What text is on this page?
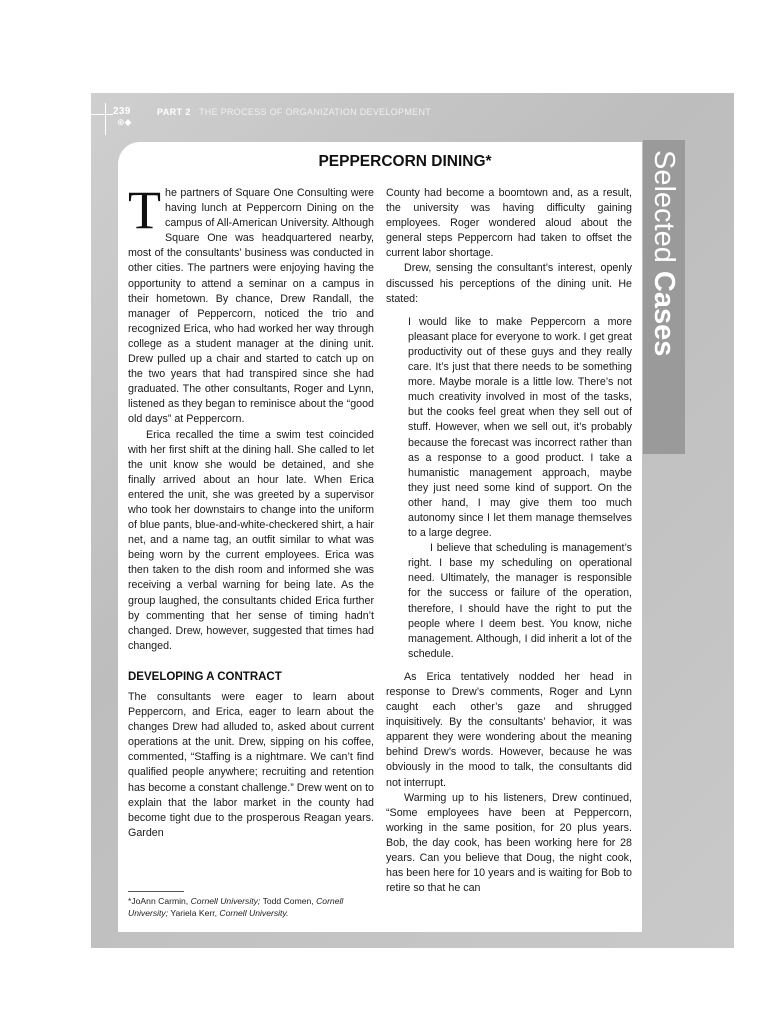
⊕◆
239	PART 2 THE PROCESS OF ORGANIZATION DEVELOPMENT
Selected Cases
PEPPERCORN DINING*
T he partners of Square One Consulting were having lunch at Peppercorn Dining on the campus of All-American University. Although Square One was headquartered nearby, most of the consultants’ business was conducted in other cities. The partners were enjoying having the opportunity to attend a seminar on a campus in their hometown. By chance, Drew Randall, the manager of Peppercorn, noticed the trio and recognized Erica, who had worked her way through college as a student manager at the dining unit. Drew pulled up a chair and started to catch up on the two years that had transpired since she had graduated. The other consultants, Roger and Lynn, listened as they began to reminisce about the “good old days” at Peppercorn.

Erica recalled the time a swim test coincided with her first shift at the dining hall. She called to let the unit know she would be detained, and she finally arrived about an hour late. When Erica entered the unit, she was greeted by a supervisor who took her downstairs to change into the uniform of blue pants, blue-and-white-checkered shirt, a hair net, and a name tag, an outfit similar to what was being worn by the current employees. Erica was then taken to the dish room and informed she was receiving a verbal warning for being late. As the group laughed, the consultants chided Erica further by commenting that her sense of timing hadn’t changed. Drew, however, suggested that times had changed.

DEVELOPING A CONTRACT

The consultants were eager to learn about Peppercorn, and Erica, eager to learn about the changes Drew had alluded to, asked about current operations at the unit. Drew, sipping on his coffee, commented, “Staffing is a nightmare. We can’t find qualified people anywhere; recruiting and retention has become a constant challenge.” Drew went on to explain that the labor market in the county had become tight due to the prosperous Reagan years. Garden

County had become a boomtown and, as a result, the university was having difficulty gaining employees. Roger wondered aloud about the general steps Peppercorn had taken to offset the current labor shortage.

Drew, sensing the consultant’s interest, openly discussed his perceptions of the dining unit. He stated:

I would like to make Peppercorn a more pleasant place for everyone to work. I get great productivity out of these guys and they really care. It’s just that there needs to be something more. Maybe morale is a little low. There’s not much creativity involved in most of the tasks, but the cooks feel great when they sell out of stuff. However, when we sell out, it’s probably because the forecast was incorrect rather than as a response to a good product. I take a humanistic management approach, maybe they just need some kind of support. On the other hand, I may give them too much autonomy since I let them manage themselves to a large degree.

I believe that scheduling is management’s right. I base my scheduling on operational need. Ultimately, the manager is responsible for the success or failure of the operation, therefore, I should have the right to put the people where I deem best. You know, niche management. Although, I did inherit a lot of the schedule.

As Erica tentatively nodded her head in response to Drew’s comments, Roger and Lynn caught each other’s gaze and shrugged inquisitively. By the consultants’ behavior, it was apparent they were wondering about the meaning behind Drew’s words. However, because he was obviously in the mood to talk, the consultants did not interrupt.

Warming up to his listeners, Drew continued, “Some employees have been at Peppercorn, working in the same position, for 20 plus years. Bob, the day cook, has been working here for 28 years. Can you believe that Doug, the night cook, has been here for 10 years and is waiting for Bob to retire so that he can

*JoAnn Carmin, Cornell University; Todd Comen, Cornell University; Yariela Kerr, Cornell University.
